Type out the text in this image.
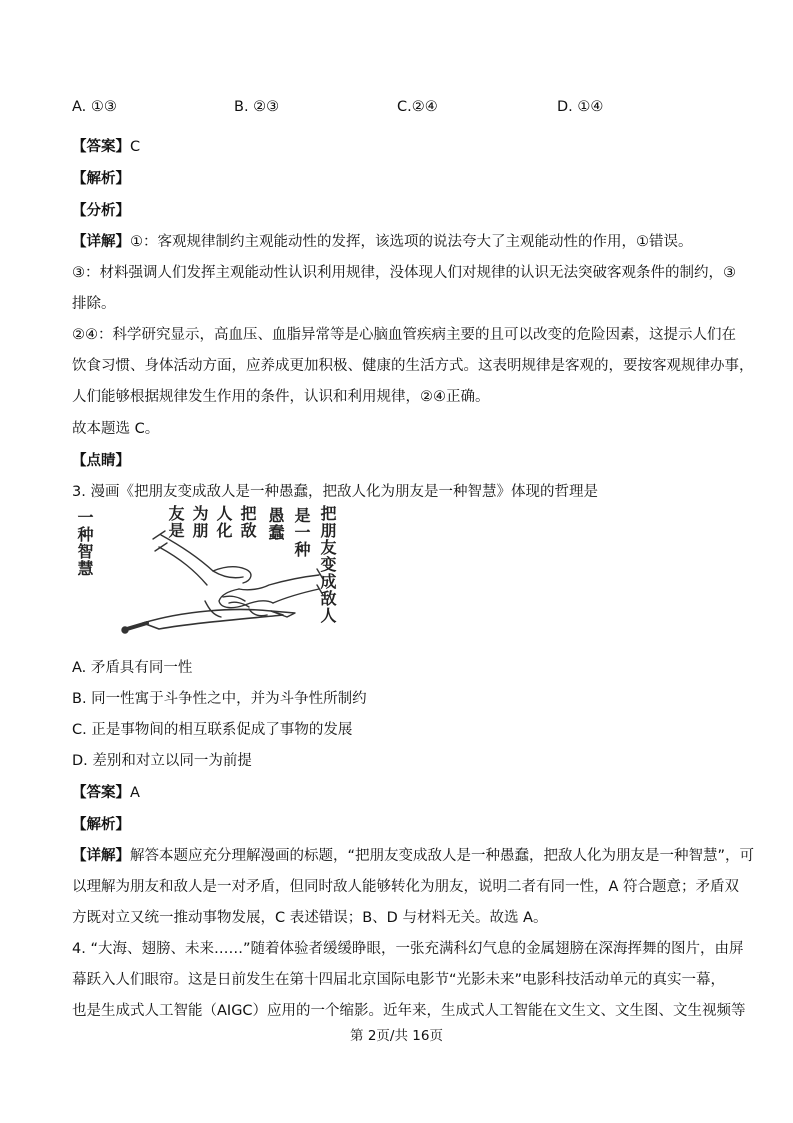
A. ①③	B. ②③	C.②④	D. ①④
【答案】C
【解析】
【分析】
【详解】①：客观规律制约主观能动性的发挥，该选项的说法夸大了主观能动性的作用，①错误。
③：材料强调人们发挥主观能动性认识利用规律，没体现人们对规律的认识无法突破客观条件的制约，③
排除。
②④：科学研究显示，高血压、血脂异常等是心脑血管疾病主要的且可以改变的危险因素，这提示人们在
饮食习惯、身体活动方面，应养成更加积极、健康的生活方式。这表明规律是客观的，要按客观规律办事，
人们能够根据规律发生作用的条件，认识和利用规律，②④正确。
故本题选 C。
【点睛】
3. 漫画《把朋友变成敌人是一种愚蠢，把敌人化为朋友是一种智慧》体现的哲理是
把朋友变成敌人
是一种
愚蠢
把敌
人化
为朋
友是
一种智慧
A. 矛盾具有同一性
B. 同一性寓于斗争性之中，并为斗争性所制约
C. 正是事物间的相互联系促成了事物的发展
D. 差别和对立以同一为前提
【答案】A
【解析】
【详解】解答本题应充分理解漫画的标题，“把朋友变成敌人是一种愚蠢，把敌人化为朋友是一种智慧”，可
以理解为朋友和敌人是一对矛盾，但同时敌人能够转化为朋友，说明二者有同一性，A 符合题意；矛盾双
方既对立又统一推动事物发展，C 表述错误；B、D 与材料无关。故选 A。
4. “大海、翅膀、未来……”随着体验者缓缓睁眼，一张充满科幻气息的金属翅膀在深海挥舞的图片，由屏
幕跃入人们眼帘。这是日前发生在第十四届北京国际电影节“光影未来”电影科技活动单元的真实一幕，
也是生成式人工智能（AIGC）应用的一个缩影。近年来，生成式人工智能在文生文、文生图、文生视频等
第 2页/共 16页
